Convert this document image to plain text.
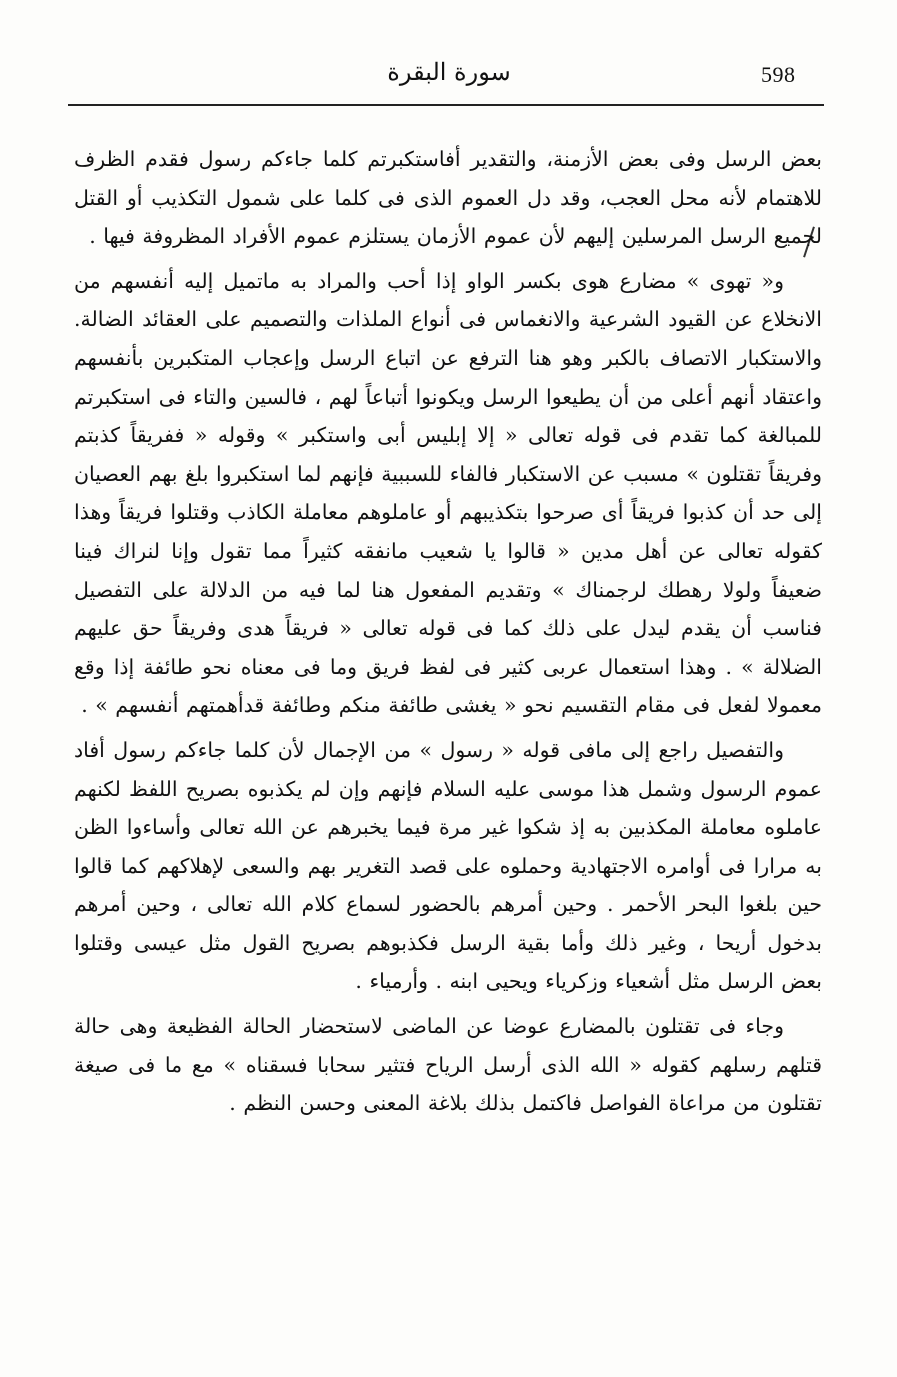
598
سورة البقرة

بعض الرسل وفى بعض الأزمنة، والتقدير أفاستكبرتم كلما جاءكم رسول فقدم الظرف للاهتمام لأنه محل العجب، وقد دل العموم الذى فى كلما على شمول التكذيب أو القتل لجميع الرسل المرسلين إليهم لأن عموم الأزمان يستلزم عموم الأفراد المظروفة فيها .

و« تهوى » مضارع هوى بكسر الواو إذا أحب والمراد به ماتميل إليه أنفسهم من الانخلاع عن القيود الشرعية والانغماس فى أنواع الملذات والتصميم على العقائد الضالة. والاستكبار الاتصاف بالكبر وهو هنا الترفع عن اتباع الرسل وإعجاب المتكبرين بأنفسهم واعتقاد أنهم أعلى من أن يطيعوا الرسل ويكونوا أتباعاً لهم ، فالسين والتاء فى استكبرتم للمبالغة كما تقدم فى قوله تعالى « إلا إبليس أبى واستكبر » وقوله « ففريقاً كذبتم وفريقاً تقتلون » مسبب عن الاستكبار فالفاء للسببية فإنهم لما استكبروا بلغ بهم العصيان إلى حد أن كذبوا فريقاً أى صرحوا بتكذيبهم أو عاملوهم معاملة الكاذب وقتلوا فريقاً وهذا كقوله تعالى عن أهل مدين « قالوا يا شعيب مانفقه كثيراً مما تقول وإنا لنراك فينا ضعيفاً ولولا رهطك لرجمناك » وتقديم المفعول هنا لما فيه من الدلالة على التفصيل فناسب أن يقدم ليدل على ذلك كما فى قوله تعالى « فريقاً هدى وفريقاً حق عليهم الضلالة » . وهذا استعمال عربى كثير فى لفظ فريق وما فى معناه نحو طائفة إذا وقع معمولا لفعل فى مقام التقسيم نحو « يغشى طائفة منكم وطائفة قدأهمتهم أنفسهم » .

والتفصيل راجع إلى مافى قوله « رسول » من الإجمال لأن كلما جاءكم رسول أفاد عموم الرسول وشمل هذا موسى عليه السلام فإنهم وإن لم يكذبوه بصريح اللفظ لكنهم عاملوه معاملة المكذبين به إذ شكوا غير مرة فيما يخبرهم عن الله تعالى وأساءوا الظن به مرارا فى أوامره الاجتهادية وحملوه على قصد التغرير بهم والسعى لإهلاكهم كما قالوا حين بلغوا البحر الأحمر . وحين أمرهم بالحضور لسماع كلام الله تعالى ، وحين أمرهم بدخول أريحا ، وغير ذلك وأما بقية الرسل فكذبوهم بصريح القول مثل عيسى وقتلوا بعض الرسل مثل أشعياء وزكرياء ويحيى ابنه . وأرمياء .

وجاء فى تقتلون بالمضارع عوضا عن الماضى لاستحضار الحالة الفظيعة وهى حالة قتلهم رسلهم كقوله « الله الذى أرسل الرياح فتثير سحابا فسقناه » مع ما فى صيغة تقتلون من مراعاة الفواصل فاكتمل بذلك بلاغة المعنى وحسن النظم .
